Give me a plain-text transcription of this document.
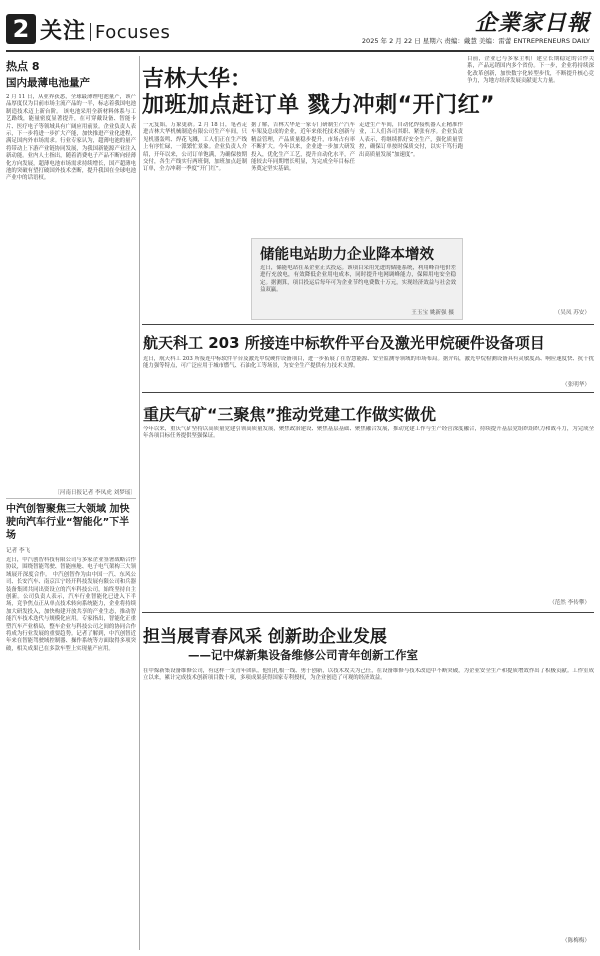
2 关注 Focuses	企業家日報
2025 年 2 月 22 日 星期六 责编：戴慧 美编：雷蕾 ENTREPRENEURS DAILY
热点 8
国内最薄电池量产
2 月 11 日，从业界获悉，全球最薄锂电池量产，该产品厚度仅为目前市场主流产品的一半，标志着我国电池制造技术迈上新台阶。 该电池采用全新材料体系与工艺路线，能量密度显著提升，在可穿戴设备、智能卡片、医疗电子等领域具有广阔应用前景。企业负责人表示，下一步将进一步扩大产能，加快推进产业化进程，满足国内外市场需求。行业专家认为，超薄电池的量产将带动上下游产业链协同发展，为我国新能源产业注入新动能。业内人士指出，随着消费电子产品不断向轻薄化方向发展，超薄电池市场需求持续增长，国产超薄电池的突破有望打破国外技术垄断，提升我国在全球电池产业中的话语权。
〔河南日报记者 李凤虎 刘梦瑶〕
中汽创智聚焦三大领域 加快驶向汽车行业“智能化”下半场
记者 李飞
近日，中汽创智科技有限公司与多家企业签署战略合作协议，围绕智能驾驶、智能座舱、电子电气架构三大领域展开深度合作。 中汽创智作为由中国一汽、东风公司、长安汽车、南京江宁经开科技发展有限公司和兵器装备集团共同出资设立的汽车科技公司，始终坚持自主创新。公司负责人表示，汽车行业智能化已进入下半场，竞争焦点正从单点技术转向系统能力，企业将持续加大研发投入，加快构建开放共享的产业生态，推动智能汽车技术迭代与规模化应用。专家指出，智能化正重塑汽车产业格局，整车企业与科技公司之间的协同合作将成为行业发展的重要趋势。记者了解到，中汽创智近年来在智能驾驶域控制器、操作系统等方面取得多项突破，相关成果已在多款车型上实现量产应用。
吉林大华：
加班加点赶订单 戮力冲刺“开门红”
一元复始，万象更新。2 月 18 日，笔者走进吉林大华机械制造有限公司生产车间，只见机器轰鸣、焊花飞溅，工人们正在生产线上有序忙碌，一派繁忙景象。企业负责人介绍，开年以来，公司订单饱满，为确保按期交付，各生产线实行两班倒，加班加点赶制订单，全力冲刺一季度“开门红”。
据了解，吉林大华是一家专门研制生产汽车车架及总成的企业，近年来依托技术创新与精益管理，产品质量稳步提升，市场占有率不断扩大。今年以来，企业进一步加大研发投入，优化生产工艺，提升自动化水平，产能较去年同期增长明显，为完成全年目标任务奠定坚实基础。
走进生产车间，自动化焊接机器人正精准作业，工人们各司其职、紧张有序。企业负责人表示，将继续抓好安全生产，强化质量管控，确保订单按时保质交付，以实干笃行跑出高质量发展“加速度”。
目前，企业已与多家主机厂建立长期稳定的合作关系，产品远销国内多个省份。下一步，企业将持续深化改革创新，加快数字化转型步伐，不断提升核心竞争力，为地方经济发展贡献更大力量。
（吴凤 苏安）
储能电站助力企业降本增效
近日，储能电站在某企业正式投运。该项目采用先进的储能系统，利用峰谷电价差进行充放电，有效降低企业用电成本，同时提升电网调峰能力，保障用电安全稳定。据测算，项目投运后每年可为企业节约电费数十万元，实现经济效益与社会效益双赢。
王玉宝 姚新强 摄
航天科工 203 所接连中标软件平台及激光甲烷硬件设备项目
近日，航天科工 203 所接连中标软件平台及激光甲烷硬件设备项目，进一步拓展了在智慧能源、安全监测等领域的市场布局。据介绍，激光甲烷检测设备具有灵敏度高、响应速度快、抗干扰能力强等特点，可广泛应用于城市燃气、石油化工等场景，为安全生产提供有力技术支撑。
（张明华）
重庆气矿“三聚焦”推动党建工作做实做优
今年以来，重庆气矿坚持以高质量党建引领高质量发展，聚焦政治建设、聚焦基层基础、聚焦融合发展，推动党建工作与生产经营深度融合，持续提升基层党组织组织力和战斗力，为完成全年各项目标任务提供坚强保证。
（范然 李传攀）
担当展青春风采 创新助企业发展
——记中煤新集设备维修公司青年创新工作室
在中煤新集设备维修公司，有这样一支青年团队，他们扎根一线、勇于创新，以技术攻关为己任，在设备维修与技术改造中不断突破，为企业安全生产和提质增效作出了积极贡献。工作室成立以来，累计完成技术创新项目数十项，多项成果获得国家专利授权，为企业创造了可观的经济效益。
（陈梅梅）
